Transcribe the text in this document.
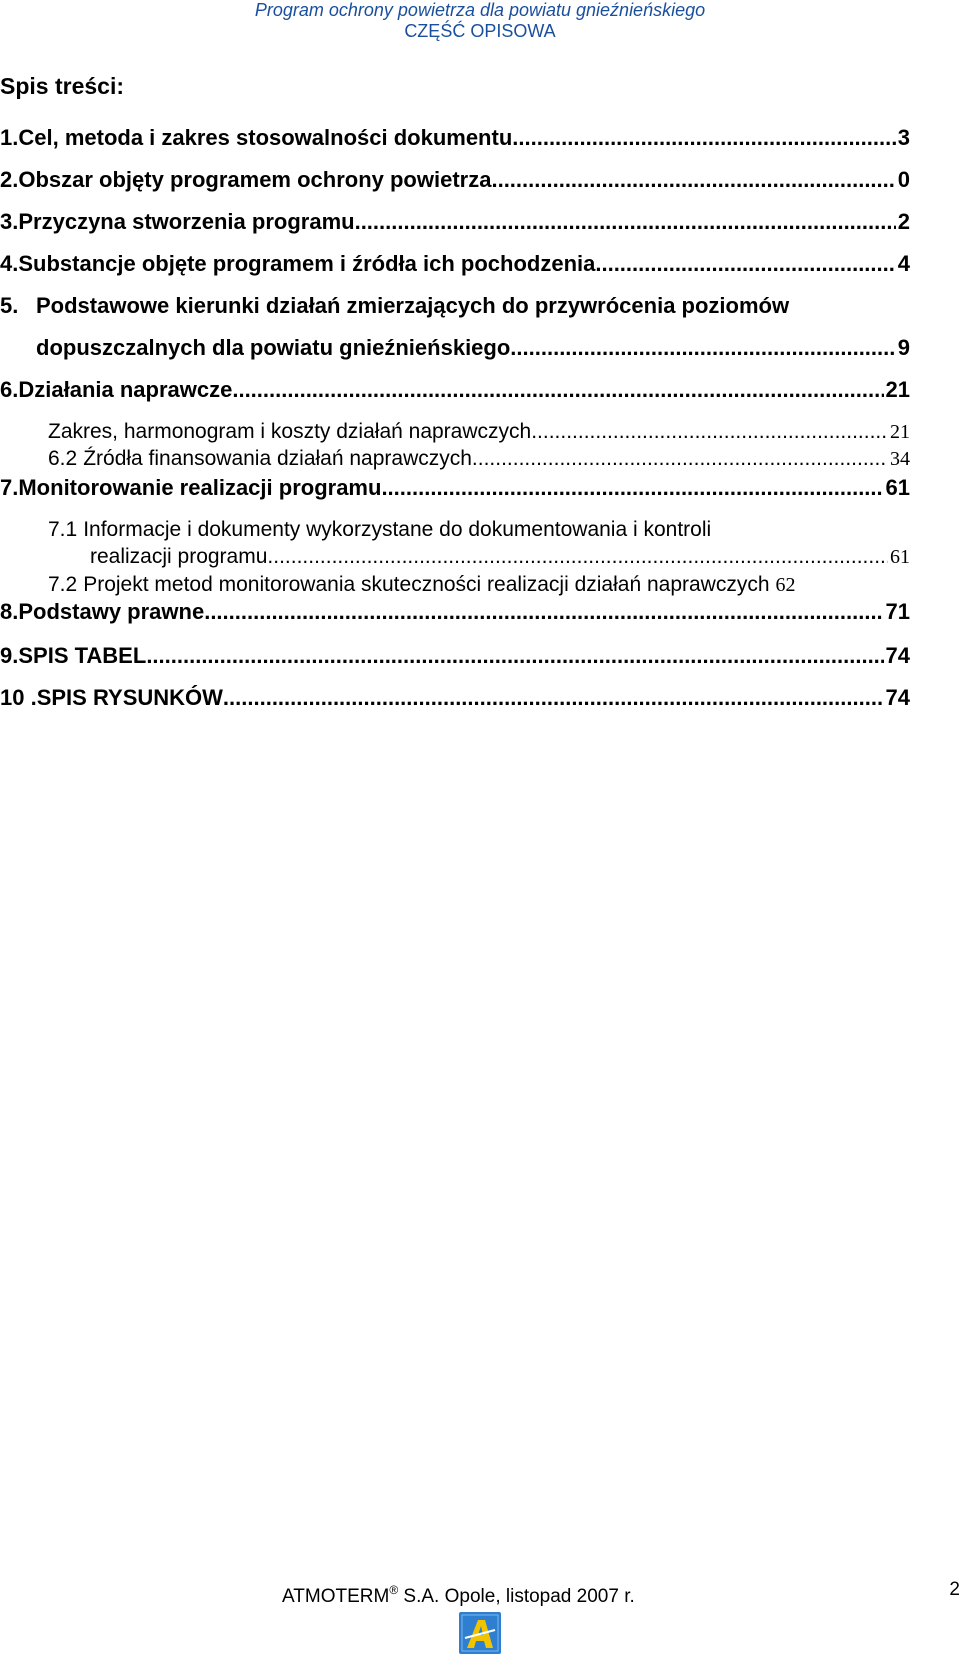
Program ochrony powietrza dla powiatu gnieźnieńskiego
CZĘŚĆ OPISOWA
Spis treści:
1. Cel, metoda i zakres stosowalności dokumentu .....	3
2. Obszar objęty programem ochrony powietrza .....	0
3. Przyczyna stworzenia programu .....	2
4. Substancje objęte programem i źródła ich pochodzenia .....	4
5. Podstawowe kierunki działań zmierzających do przywrócenia poziomów
dopuszczalnych dla powiatu gnieźnieńskiego .....	9
6. Działania naprawcze .....	21
Zakres, harmonogram i koszty działań naprawczych .....	21
6.2 Źródła finansowania działań naprawczych .....	34
7. Monitorowanie realizacji programu .....	61
7.1 Informacje i dokumenty wykorzystane do dokumentowania i kontroli
realizacji programu .....	61
7.2 Projekt metod monitorowania skuteczności realizacji działań naprawczych 62
8. Podstawy prawne .....	71
9. SPIS TABEL .....	74
10 . SPIS RYSUNKÓW .....	74
ATMOTERM® S.A. Opole, listopad 2007 r.	2
